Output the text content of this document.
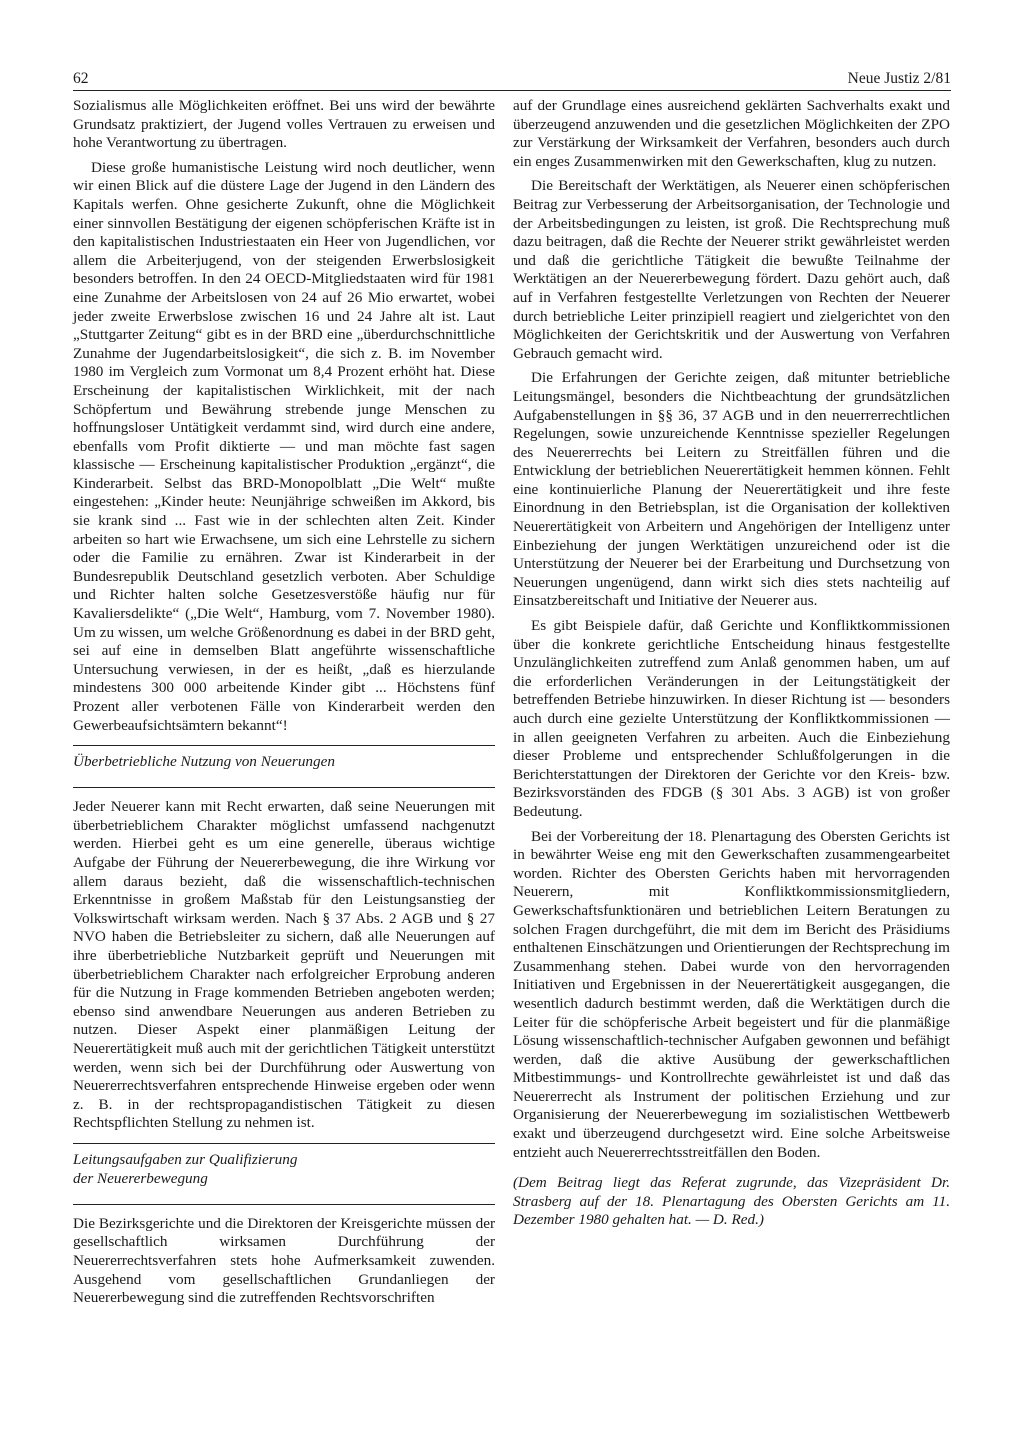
62	Neue Justiz 2/81

Sozialismus alle Möglichkeiten eröffnet. Bei uns wird der bewährte Grundsatz praktiziert, der Jugend volles Vertrauen zu erweisen und hohe Verantwortung zu übertragen.

Diese große humanistische Leistung wird noch deutlicher, wenn wir einen Blick auf die düstere Lage der Jugend in den Ländern des Kapitals werfen. Ohne gesicherte Zukunft, ohne die Möglichkeit einer sinnvollen Bestätigung der eigenen schöpferischen Kräfte ist in den kapitalistischen Industriestaaten ein Heer von Jugendlichen, vor allem die Arbeiterjugend, von der steigenden Erwerbslosigkeit besonders betroffen. In den 24 OECD-Mitgliedstaaten wird für 1981 eine Zunahme der Arbeitslosen von 24 auf 26 Mio erwartet, wobei jeder zweite Erwerbslose zwischen 16 und 24 Jahre alt ist. Laut „Stuttgarter Zeitung“ gibt es in der BRD eine „überdurchschnittliche Zunahme der Jugendarbeitslosigkeit“, die sich z. B. im November 1980 im Vergleich zum Vormonat um 8,4 Prozent erhöht hat. Diese Erscheinung der kapitalistischen Wirklichkeit, mit der nach Schöpfertum und Bewährung strebende junge Menschen zu hoffnungsloser Untätigkeit verdammt sind, wird durch eine andere, ebenfalls vom Profit diktierte — und man möchte fast sagen klassische — Erscheinung kapitalistischer Produktion „ergänzt“, die Kinderarbeit. Selbst das BRD-Monopolblatt „Die Welt“ mußte eingestehen: „Kinder heute: Neunjährige schweißen im Akkord, bis sie krank sind ... Fast wie in der schlechten alten Zeit. Kinder arbeiten so hart wie Erwachsene, um sich eine Lehrstelle zu sichern oder die Familie zu ernähren. Zwar ist Kinderarbeit in der Bundesrepublik Deutschland gesetzlich verboten. Aber Schuldige und Richter halten solche Gesetzesverstöße häufig nur für Kavaliersdelikte“ („Die Welt“, Hamburg, vom 7. November 1980). Um zu wissen, um welche Größenordnung es dabei in der BRD geht, sei auf eine in demselben Blatt angeführte wissenschaftliche Untersuchung verwiesen, in der es heißt, „daß es hierzulande mindestens 300 000 arbeitende Kinder gibt ... Höchstens fünf Prozent aller verbotenen Fälle von Kinderarbeit werden den Gewerbeaufsichtsämtern bekannt“!

Überbetriebliche Nutzung von Neuerungen

Jeder Neuerer kann mit Recht erwarten, daß seine Neuerungen mit überbetrieblichem Charakter möglichst umfassend nachgenutzt werden. Hierbei geht es um eine generelle, überaus wichtige Aufgabe der Führung der Neuererbewegung, die ihre Wirkung vor allem daraus bezieht, daß die wissenschaftlich-technischen Erkenntnisse in großem Maßstab für den Leistungsanstieg der Volkswirtschaft wirksam werden. Nach § 37 Abs. 2 AGB und § 27 NVO haben die Betriebsleiter zu sichern, daß alle Neuerungen auf ihre überbetriebliche Nutzbarkeit geprüft und Neuerungen mit überbetrieblichem Charakter nach erfolgreicher Erprobung anderen für die Nutzung in Frage kommenden Betrieben angeboten werden; ebenso sind anwendbare Neuerungen aus anderen Betrieben zu nutzen. Dieser Aspekt einer planmäßigen Leitung der Neuerertätigkeit muß auch mit der gerichtlichen Tätigkeit unterstützt werden, wenn sich bei der Durchführung oder Auswertung von Neuererrechtsverfahren entsprechende Hinweise ergeben oder wenn z. B. in der rechtspropagandistischen Tätigkeit zu diesen Rechtspflichten Stellung zu nehmen ist.

Leitungsaufgaben zur Qualifizierung
der Neuererbewegung

Die Bezirksgerichte und die Direktoren der Kreisgerichte müssen der gesellschaftlich wirksamen Durchführung der Neuererrechtsverfahren stets hohe Aufmerksamkeit zuwenden. Ausgehend vom gesellschaftlichen Grundanliegen der Neuererbewegung sind die zutreffenden Rechtsvorschriften

auf der Grundlage eines ausreichend geklärten Sachverhalts exakt und überzeugend anzuwenden und die gesetzlichen Möglichkeiten der ZPO zur Verstärkung der Wirksamkeit der Verfahren, besonders auch durch ein enges Zusammenwirken mit den Gewerkschaften, klug zu nutzen.

Die Bereitschaft der Werktätigen, als Neuerer einen schöpferischen Beitrag zur Verbesserung der Arbeitsorganisation, der Technologie und der Arbeitsbedingungen zu leisten, ist groß. Die Rechtsprechung muß dazu beitragen, daß die Rechte der Neuerer strikt gewährleistet werden und daß die gerichtliche Tätigkeit die bewußte Teilnahme der Werktätigen an der Neuererbewegung fördert. Dazu gehört auch, daß auf in Verfahren festgestellte Verletzungen von Rechten der Neuerer durch betriebliche Leiter prinzipiell reagiert und zielgerichtet von den Möglichkeiten der Gerichtskritik und der Auswertung von Verfahren Gebrauch gemacht wird.

Die Erfahrungen der Gerichte zeigen, daß mitunter betriebliche Leitungsmängel, besonders die Nichtbeachtung der grundsätzlichen Aufgabenstellungen in §§ 36, 37 AGB und in den neuerrerrechtlichen Regelungen, sowie unzureichende Kenntnisse spezieller Regelungen des Neuererrechts bei Leitern zu Streitfällen führen und die Entwicklung der betrieblichen Neuerertätigkeit hemmen können. Fehlt eine kontinuierliche Planung der Neuerertätigkeit und ihre feste Einordnung in den Betriebsplan, ist die Organisation der kollektiven Neuerertätigkeit von Arbeitern und Angehörigen der Intelligenz unter Einbeziehung der jungen Werktätigen unzureichend oder ist die Unterstützung der Neuerer bei der Erarbeitung und Durchsetzung von Neuerungen ungenügend, dann wirkt sich dies stets nachteilig auf Einsatzbereitschaft und Initiative der Neuerer aus.

Es gibt Beispiele dafür, daß Gerichte und Konfliktkommissionen über die konkrete gerichtliche Entscheidung hinaus festgestellte Unzulänglichkeiten zutreffend zum Anlaß genommen haben, um auf die erforderlichen Veränderungen in der Leitungstätigkeit der betreffenden Betriebe hinzuwirken. In dieser Richtung ist — besonders auch durch eine gezielte Unterstützung der Konfliktkommissionen — in allen geeigneten Verfahren zu arbeiten. Auch die Einbeziehung dieser Probleme und entsprechender Schlußfolgerungen in die Berichterstattungen der Direktoren der Gerichte vor den Kreis- bzw. Bezirksvorständen des FDGB (§ 301 Abs. 3 AGB) ist von großer Bedeutung.

Bei der Vorbereitung der 18. Plenartagung des Obersten Gerichts ist in bewährter Weise eng mit den Gewerkschaften zusammengearbeitet worden. Richter des Obersten Gerichts haben mit hervorragenden Neuerern, mit Konfliktkommissionsmitgliedern, Gewerkschaftsfunktionären und betrieblichen Leitern Beratungen zu solchen Fragen durchgeführt, die mit dem im Bericht des Präsidiums enthaltenen Einschätzungen und Orientierungen der Rechtsprechung im Zusammenhang stehen. Dabei wurde von den hervorragenden Initiativen und Ergebnissen in der Neuerertätigkeit ausgegangen, die wesentlich dadurch bestimmt werden, daß die Werktätigen durch die Leiter für die schöpferische Arbeit begeistert und für die planmäßige Lösung wissenschaftlich-technischer Aufgaben gewonnen und befähigt werden, daß die aktive Ausübung der gewerkschaftlichen Mitbestimmungs- und Kontrollrechte gewährleistet ist und daß das Neuererrecht als Instrument der politischen Erziehung und zur Organisierung der Neuererbewegung im sozialistischen Wettbewerb exakt und überzeugend durchgesetzt wird. Eine solche Arbeitsweise entzieht auch Neuererrechtsstreitfällen den Boden.

(Dem Beitrag liegt das Referat zugrunde, das Vizepräsident Dr. Strasberg auf der 18. Plenartagung des Obersten Gerichts am 11. Dezember 1980 gehalten hat. — D. Red.)
